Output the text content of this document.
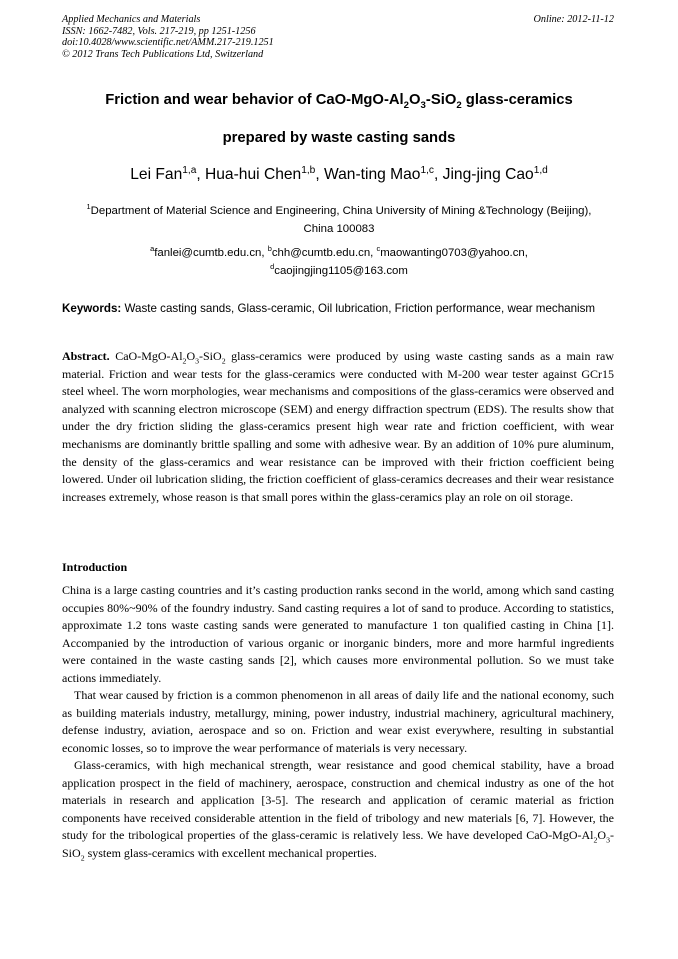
Applied Mechanics and Materials
ISSN: 1662-7482, Vols. 217-219, pp 1251-1256
doi:10.4028/www.scientific.net/AMM.217-219.1251
© 2012 Trans Tech Publications Ltd, Switzerland
Online: 2012-11-12
Friction and wear behavior of CaO-$MgO-Al_2O_3-SiO_2$ glass-ceramics
prepared by waste casting sands
Lei Fan$^{1,a}$, Hua-hui Chen$^{1,b}$, Wan-ting Mao$^{1,c}$, Jing-jing Cao$^{1,d}$
$^1$Department of Material Science and Engineering, China University of Mining &Technology (Beijing),
China 100083
$^a$fanlei@cumtb.edu.cn, $^b$chh@cumtb.edu.cn, $^c$maowanting0703@yahoo.cn,
$^d$caojingjing1105@163.com
Keywords: Waste casting sands, Glass-ceramic, Oil lubrication, Friction performance, wear mechanism
Abstract. CaO-$MgO-Al_2O_3-SiO_2$ glass-ceramics were produced by using waste casting sands as a main raw material. Friction and wear tests for the glass-ceramics were conducted with M-200 wear tester against GCr15 steel wheel. The worn morphologies, wear mechanisms and compositions of the glass-ceramics were observed and analyzed with scanning electron microscope (SEM) and energy diffraction spectrum (EDS). The results show that under the dry friction sliding the glass-ceramics present high wear rate and friction coefficient, with wear mechanisms are dominantly brittle spalling and some with adhesive wear. By an addition of 10% pure aluminum, the density of the glass-ceramics and wear resistance can be improved with their friction coefficient being lowered. Under oil lubrication sliding, the friction coefficient of glass-ceramics decreases and their wear resistance increases extremely, whose reason is that small pores within the glass-ceramics play an role on oil storage.
Introduction

China is a large casting countries and it’s casting production ranks second in the world, among which sand casting occupies 80%~90% of the foundry industry. Sand casting requires a lot of sand to produce. According to statistics, approximate 1.2 tons waste casting sands were generated to manufacture 1 ton qualified casting in China [1]. Accompanied by the introduction of various organic or inorganic binders, more and more harmful ingredients were contained in the waste casting sands [2], which causes more environmental pollution. So we must take actions immediately.

That wear caused by friction is a common phenomenon in all areas of daily life and the national economy, such as building materials industry, metallurgy, mining, power industry, industrial machinery, agricultural machinery, defense industry, aviation, aerospace and so on. Friction and wear exist everywhere, resulting in substantial economic losses, so to improve the wear performance of materials is very necessary.

Glass-ceramics, with high mechanical strength, wear resistance and good chemical stability, have a broad application prospect in the field of machinery, aerospace, construction and chemical industry as one of the hot materials in research and application [3-5]. The research and application of ceramic material as friction components have received considerable attention in the field of tribology and new materials [6, 7]. However, the study for the tribological properties of the glass-ceramic is relatively less. We have developed CaO-$MgO-Al_2O_3-SiO_2$ system glass-ceramics with excellent mechanical properties.
